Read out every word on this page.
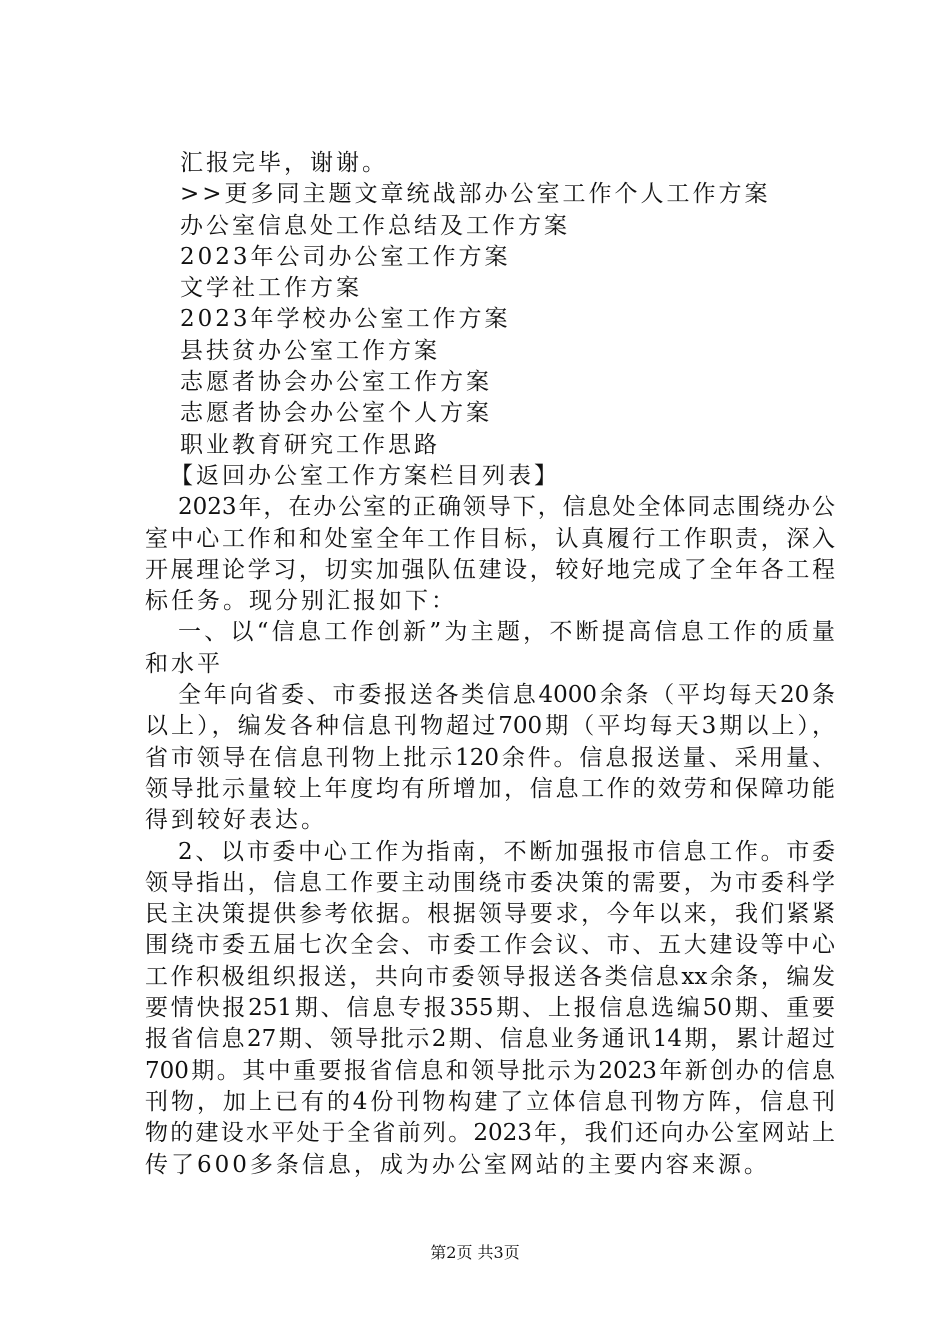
汇报完毕，谢谢。
>>更多同主题文章统战部办公室工作个人工作方案
办公室信息处工作总结及工作方案
2023年公司办公室工作方案
文学社工作方案
2023年学校办公室工作方案
县扶贫办公室工作方案
志愿者协会办公室工作方案
志愿者协会办公室个人方案
职业教育研究工作思路
【返回办公室工作方案栏目列表】
2023年，在办公室的正确领导下，信息处全体同志围绕办公
室中心工作和和处室全年工作目标，认真履行工作职责，深入
开展理论学习，切实加强队伍建设，较好地完成了全年各工程
标任务。现分别汇报如下：
一、以“信息工作创新”为主题，不断提高信息工作的质量
和水平
全年向省委、市委报送各类信息4000余条（平均每天20条
以上），编发各种信息刊物超过700期（平均每天3期以上），
省市领导在信息刊物上批示120余件。信息报送量、采用量、
领导批示量较上年度均有所增加，信息工作的效劳和保障功能
得到较好表达。
2、以市委中心工作为指南，不断加强报市信息工作。市委
领导指出，信息工作要主动围绕市委决策的需要，为市委科学
民主决策提供参考依据。根据领导要求，今年以来，我们紧紧
围绕市委五届七次全会、市委工作会议、市、五大建设等中心
工作积极组织报送，共向市委领导报送各类信息xx余条，编发
要情快报251期、信息专报355期、上报信息选编50期、重要
报省信息27期、领导批示2期、信息业务通讯14期，累计超过
700期。其中重要报省信息和领导批示为2023年新创办的信息
刊物，加上已有的4份刊物构建了立体信息刊物方阵，信息刊
物的建设水平处于全省前列。2023年，我们还向办公室网站上
传了600多条信息，成为办公室网站的主要内容来源。
第2页 共3页
